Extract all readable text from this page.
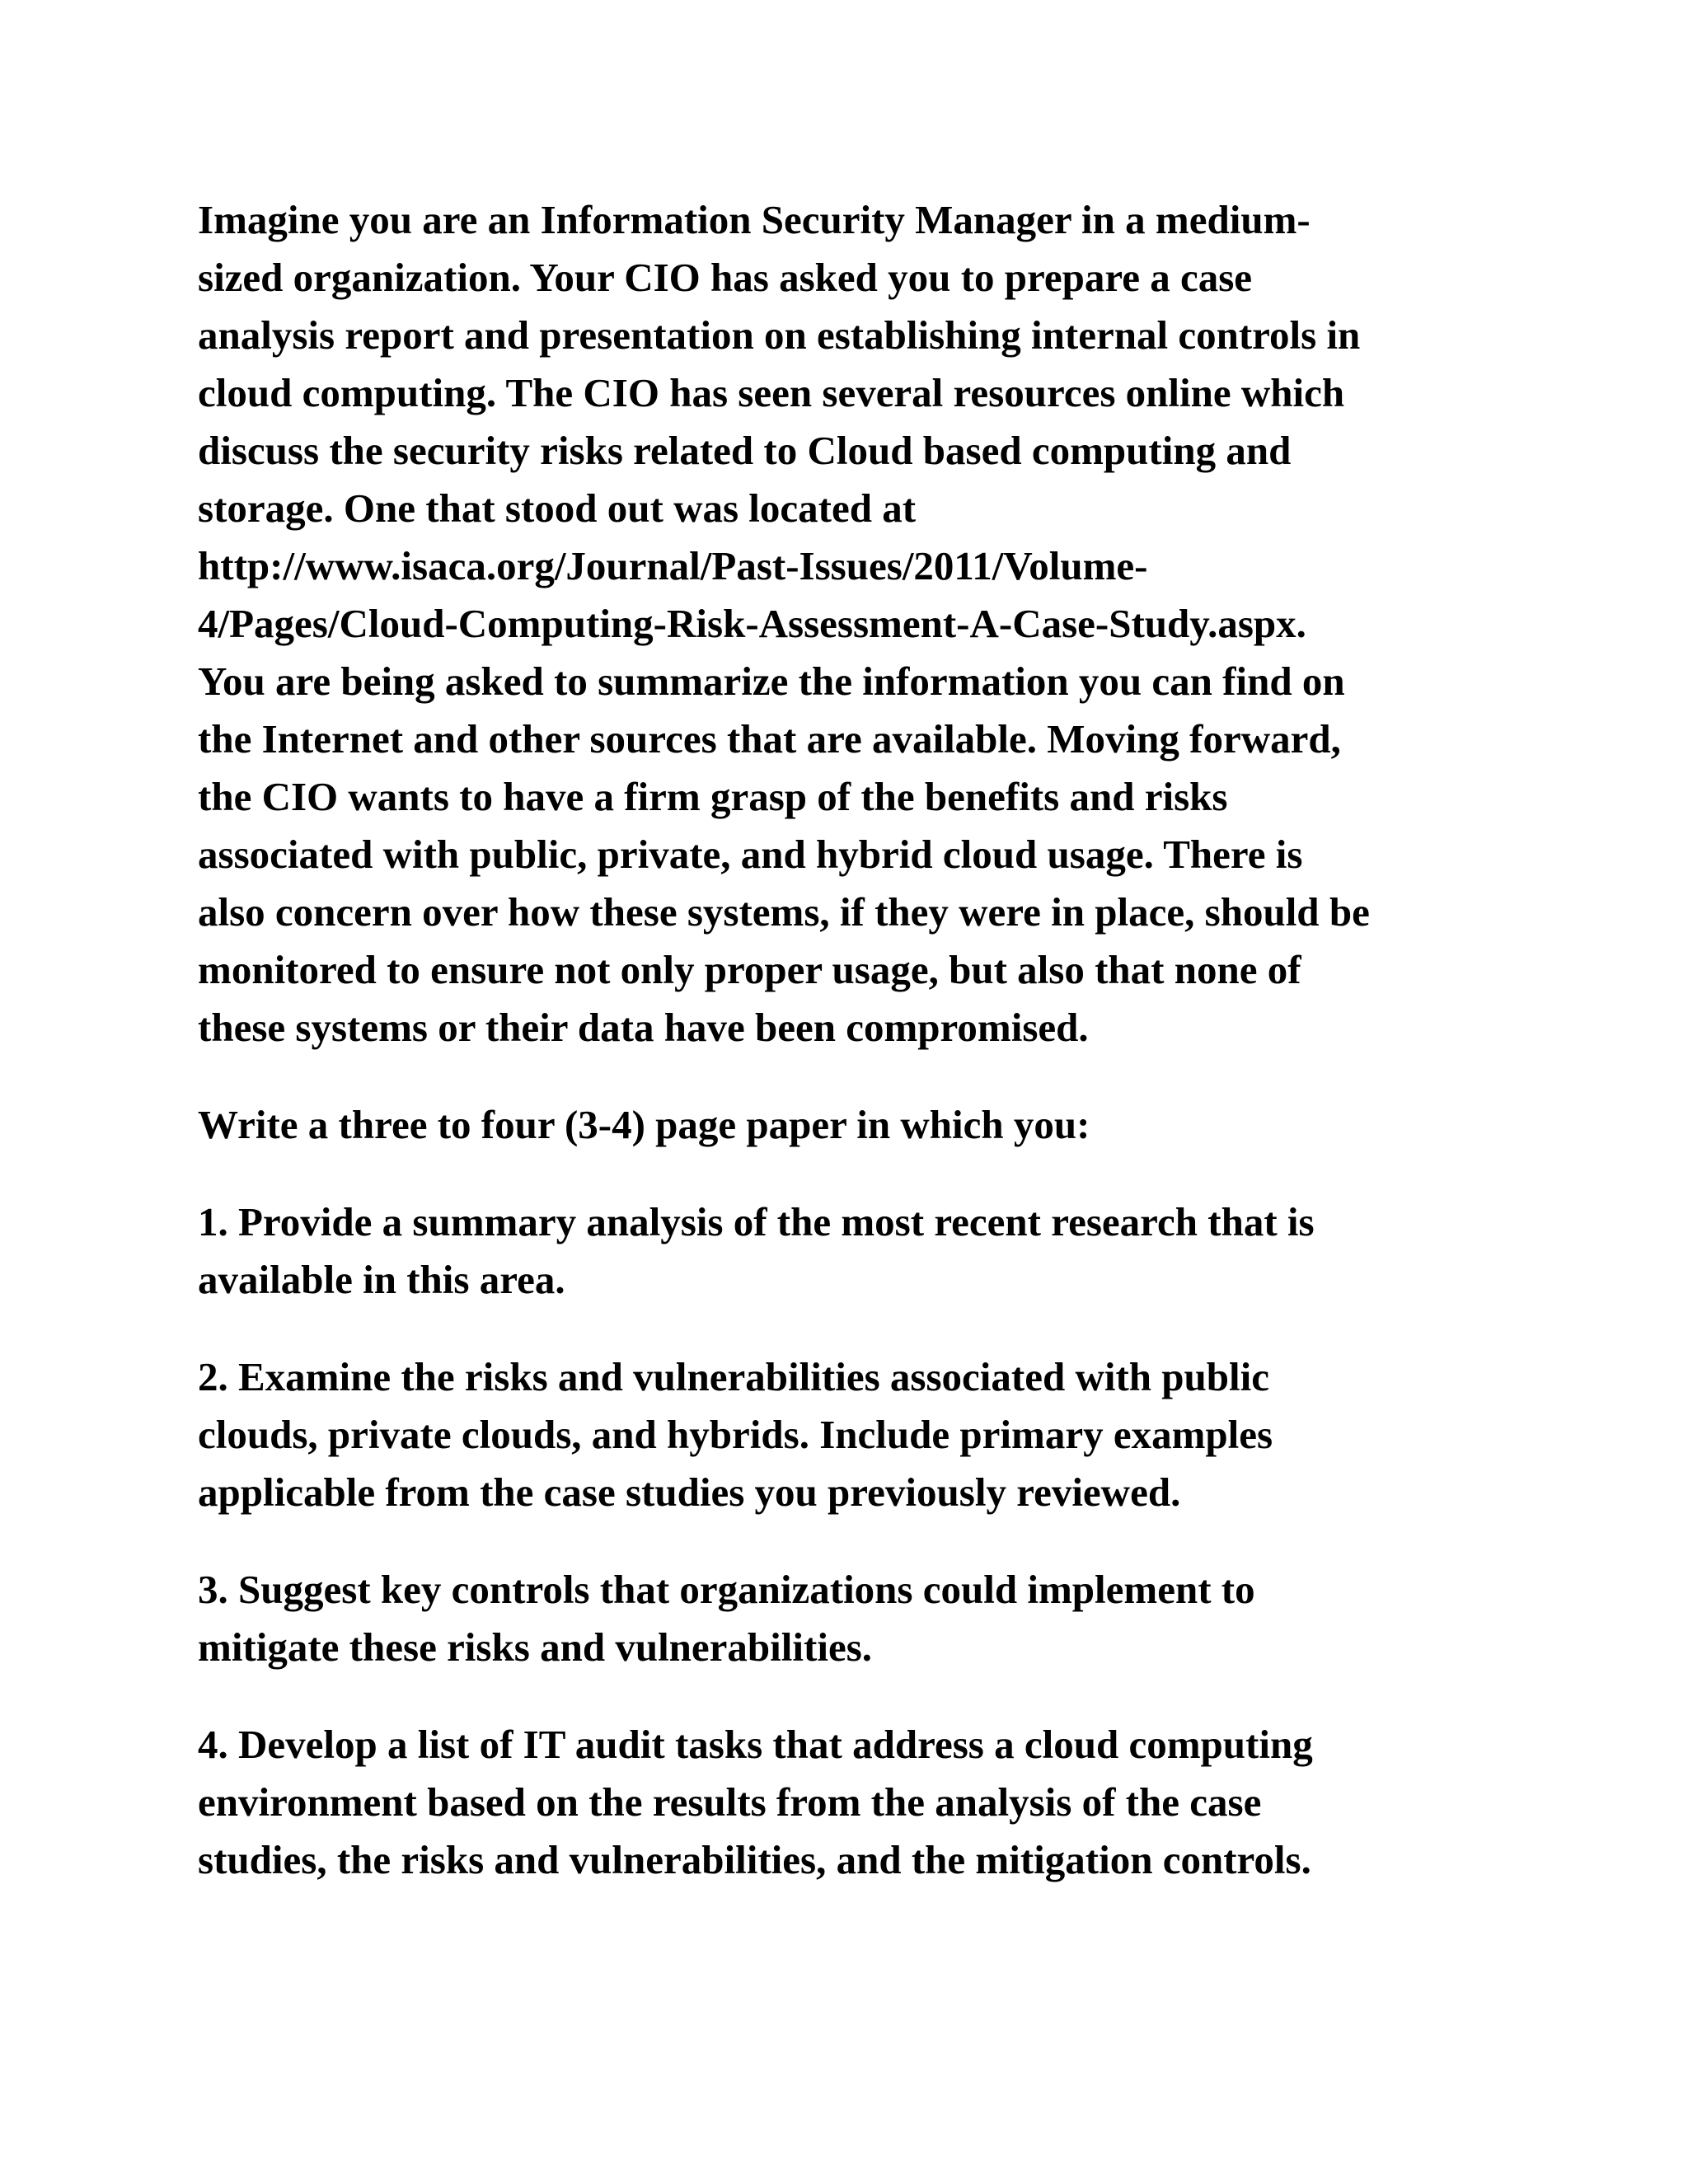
Imagine you are an Information Security Manager in a medium-
sized organization. Your CIO has asked you to prepare a case
analysis report and presentation on establishing internal controls in
cloud computing. The CIO has seen several resources online which
discuss the security risks related to Cloud based computing and
storage. One that stood out was located at
http://www.isaca.org/Journal/Past-Issues/2011/Volume-
4/Pages/Cloud-Computing-Risk-Assessment-A-Case-Study.aspx.
You are being asked to summarize the information you can find on
the Internet and other sources that are available. Moving forward,
the CIO wants to have a firm grasp of the benefits and risks
associated with public, private, and hybrid cloud usage. There is
also concern over how these systems, if they were in place, should be
monitored to ensure not only proper usage, but also that none of
these systems or their data have been compromised.
Write a three to four (3-4) page paper in which you:
1. Provide a summary analysis of the most recent research that is
available in this area.
2. Examine the risks and vulnerabilities associated with public
clouds, private clouds, and hybrids. Include primary examples
applicable from the case studies you previously reviewed.
3. Suggest key controls that organizations could implement to
mitigate these risks and vulnerabilities.
4. Develop a list of IT audit tasks that address a cloud computing
environment based on the results from the analysis of the case
studies, the risks and vulnerabilities, and the mitigation controls.
